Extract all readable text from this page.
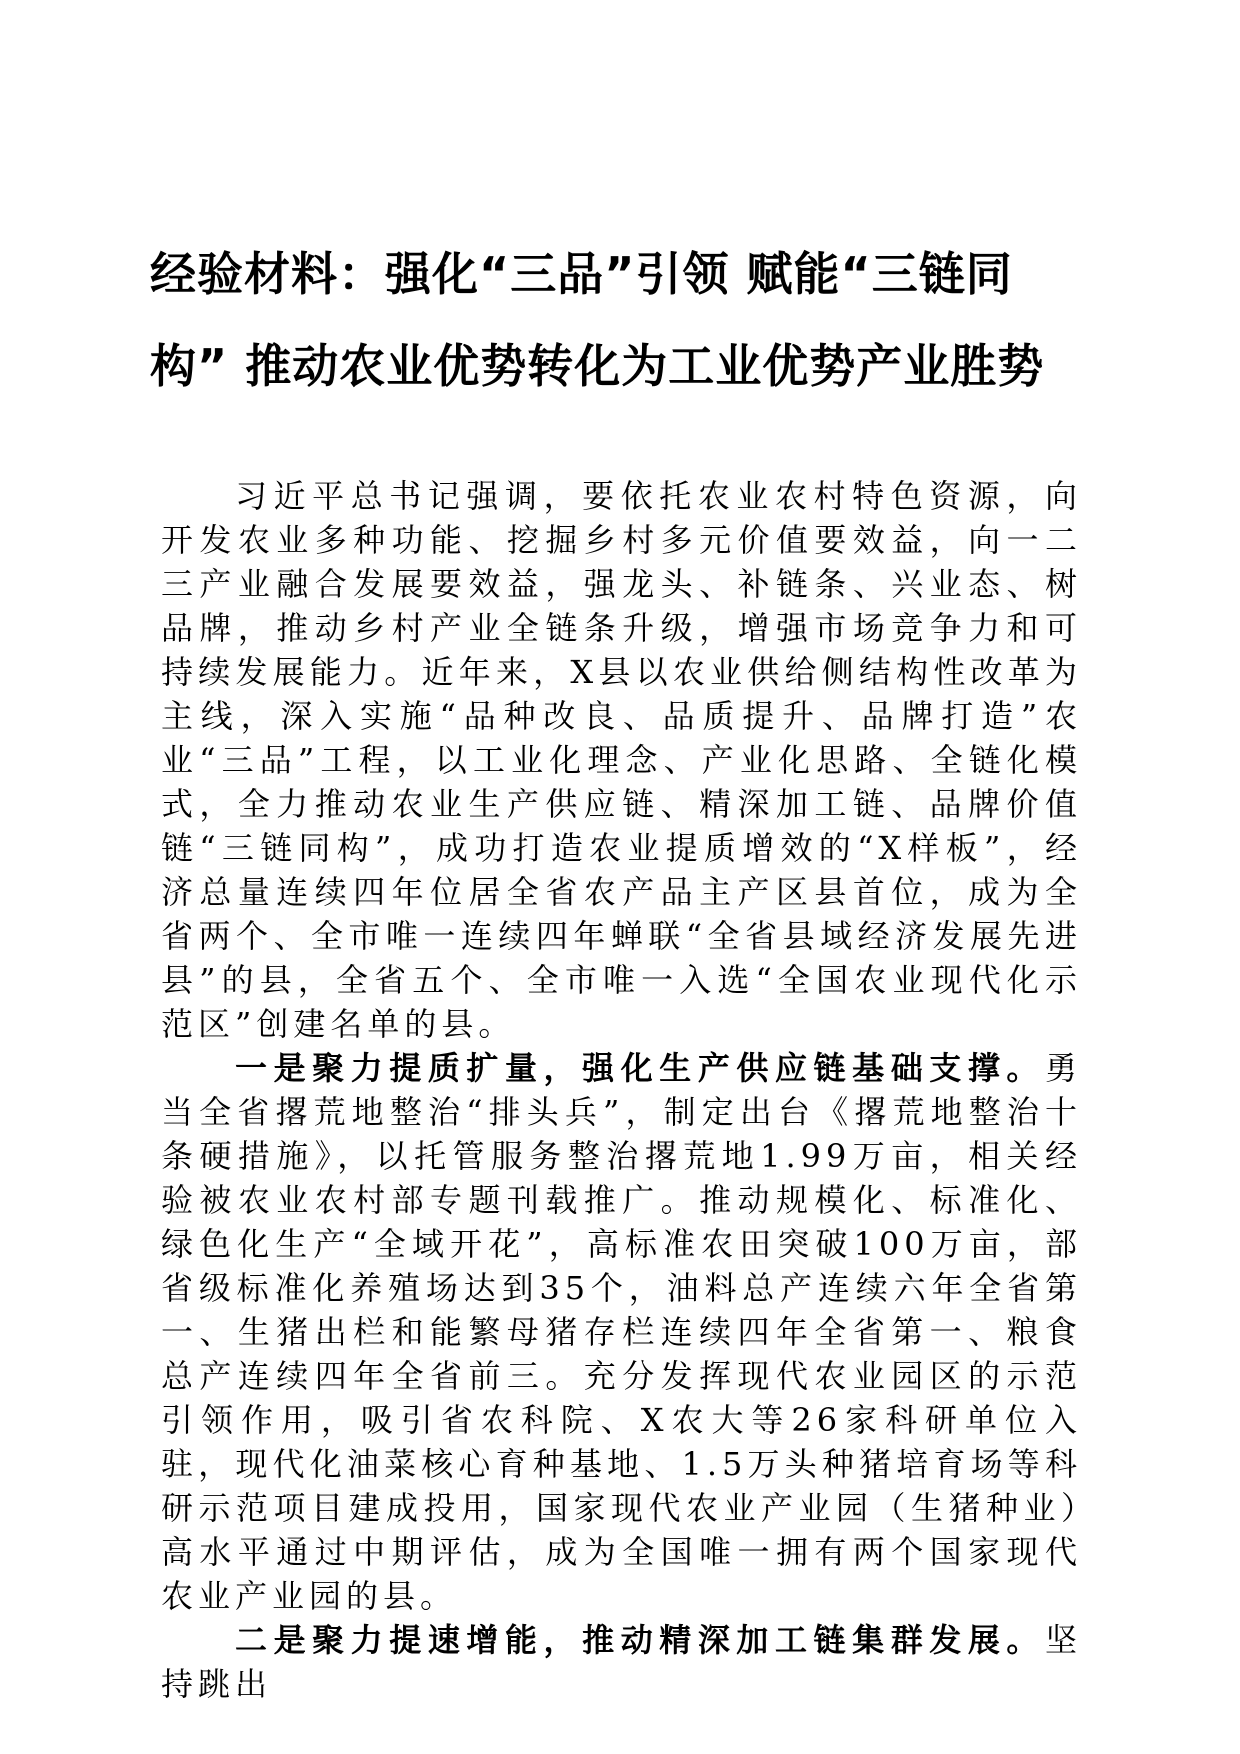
经验材料：强化“三品”引领 赋能“三链同
构” 推动农业优势转化为工业优势产业胜势

习近平总书记强调，要依托农业农村特色资源，向开发农业多种功能、挖掘乡村多元价值要效益，向一二三产业融合发展要效益，强龙头、补链条、兴业态、树品牌，推动乡村产业全链条升级，增强市场竞争力和可持续发展能力。近年来，X县以农业供给侧结构性改革为主线，深入实施“品种改良、品质提升、品牌打造”农业“三品”工程，以工业化理念、产业化思路、全链化模式，全力推动农业生产供应链、精深加工链、品牌价值链“三链同构”，成功打造农业提质增效的“X样板”，经济总量连续四年位居全省农产品主产区县首位，成为全省两个、全市唯一连续四年蝉联“全省县域经济发展先进县”的县，全省五个、全市唯一入选“全国农业现代化示范区”创建名单的县。

一是聚力提质扩量，强化生产供应链基础支撑。勇当全省撂荒地整治“排头兵”，制定出台《撂荒地整治十条硬措施》，以托管服务整治撂荒地1.99万亩，相关经验被农业农村部专题刊载推广。推动规模化、标准化、绿色化生产“全域开花”，高标准农田突破100万亩，部省级标准化养殖场达到35个，油料总产连续六年全省第一、生猪出栏和能繁母猪存栏连续四年全省第一、粮食总产连续四年全省前三。充分发挥现代农业园区的示范引领作用，吸引省农科院、X农大等26家科研单位入驻，现代化油菜核心育种基地、1.5万头种猪培育场等科研示范项目建成投用，国家现代农业产业园（生猪种业）高水平通过中期评估，成为全国唯一拥有两个国家现代农业产业园的县。

二是聚力提速增能，推动精深加工链集群发展。坚持跳出
